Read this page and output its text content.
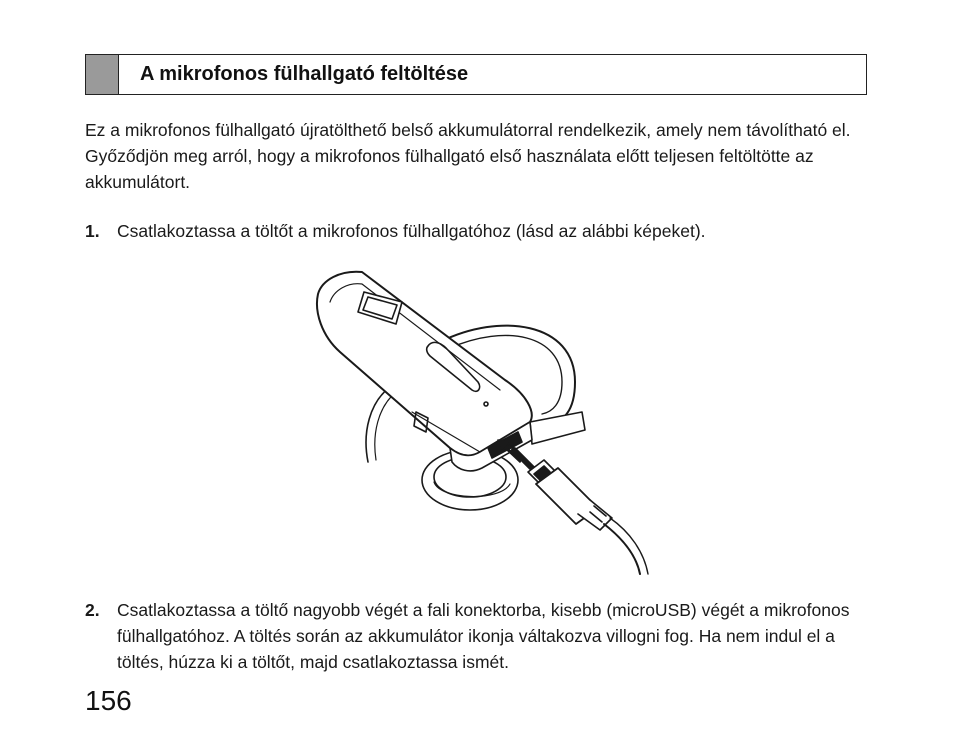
A mikrofonos fülhallgató feltöltése

Ez a mikrofonos fülhallgató újratölthető belső akkumulátorral rendelkezik, amely nem távolítható el. Győződjön meg arról, hogy a mikrofonos fülhallgató első használata előtt teljesen feltöltötte az akkumulátort.

1. Csatlakoztassa a töltőt a mikrofonos fülhallgatóhoz (lásd az alábbi képeket).
2. Csatlakoztassa a töltő nagyobb végét a fali konektorba, kisebb (microUSB) végét a mikrofonos fülhallgatóhoz. A töltés során az akkumulátor ikonja váltakozva villogni fog. Ha nem indul el a töltés, húzza ki a töltőt, majd csatlakoztassa ismét.
156
